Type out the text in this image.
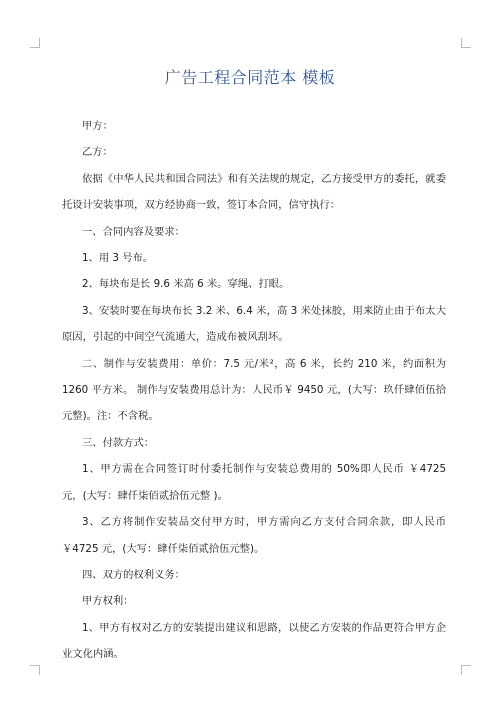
广告工程合同范本 模板

甲方：

乙方：

依据《中华人民共和国合同法》和有关法规的规定，乙方接受甲方的委托，就委托设计安装事项，双方经协商一致，签订本合同，信守执行：

一、合同内容及要求：

1、用 3 号布。

2、每块布是长 9.6 米高 6 米。穿绳、打眼。

3、安装时要在每块布长 3.2 米、6.4 米，高 3 米处抹胶，用来防止由于布太大原因，引起的中间空气流通大，造成布被风刮坏。

二、制作与安装费用：单价：7.5 元/米²，高 6 米，长约 210 米，约面积为 1260 平方米。 制作与安装费用总计为：人民币￥ 9450 元，(大写：玖仟肆佰伍拾元整)。注：不含税。

三、付款方式：

1、甲方需在合同签订时付委托制作与安装总费用的 50%即人民币 ￥4725 元，(大写：肆仟柒佰贰拾伍元整 )。

3、乙方将制作安装品交付甲方时，甲方需向乙方支付合同余款，即人民币￥4725 元，(大写：肆仟柒佰贰拾伍元整)。

四、双方的权利义务：

甲方权利：

1、甲方有权对乙方的安装提出建议和思路，以使乙方安装的作品更符合甲方企业文化内涵。
